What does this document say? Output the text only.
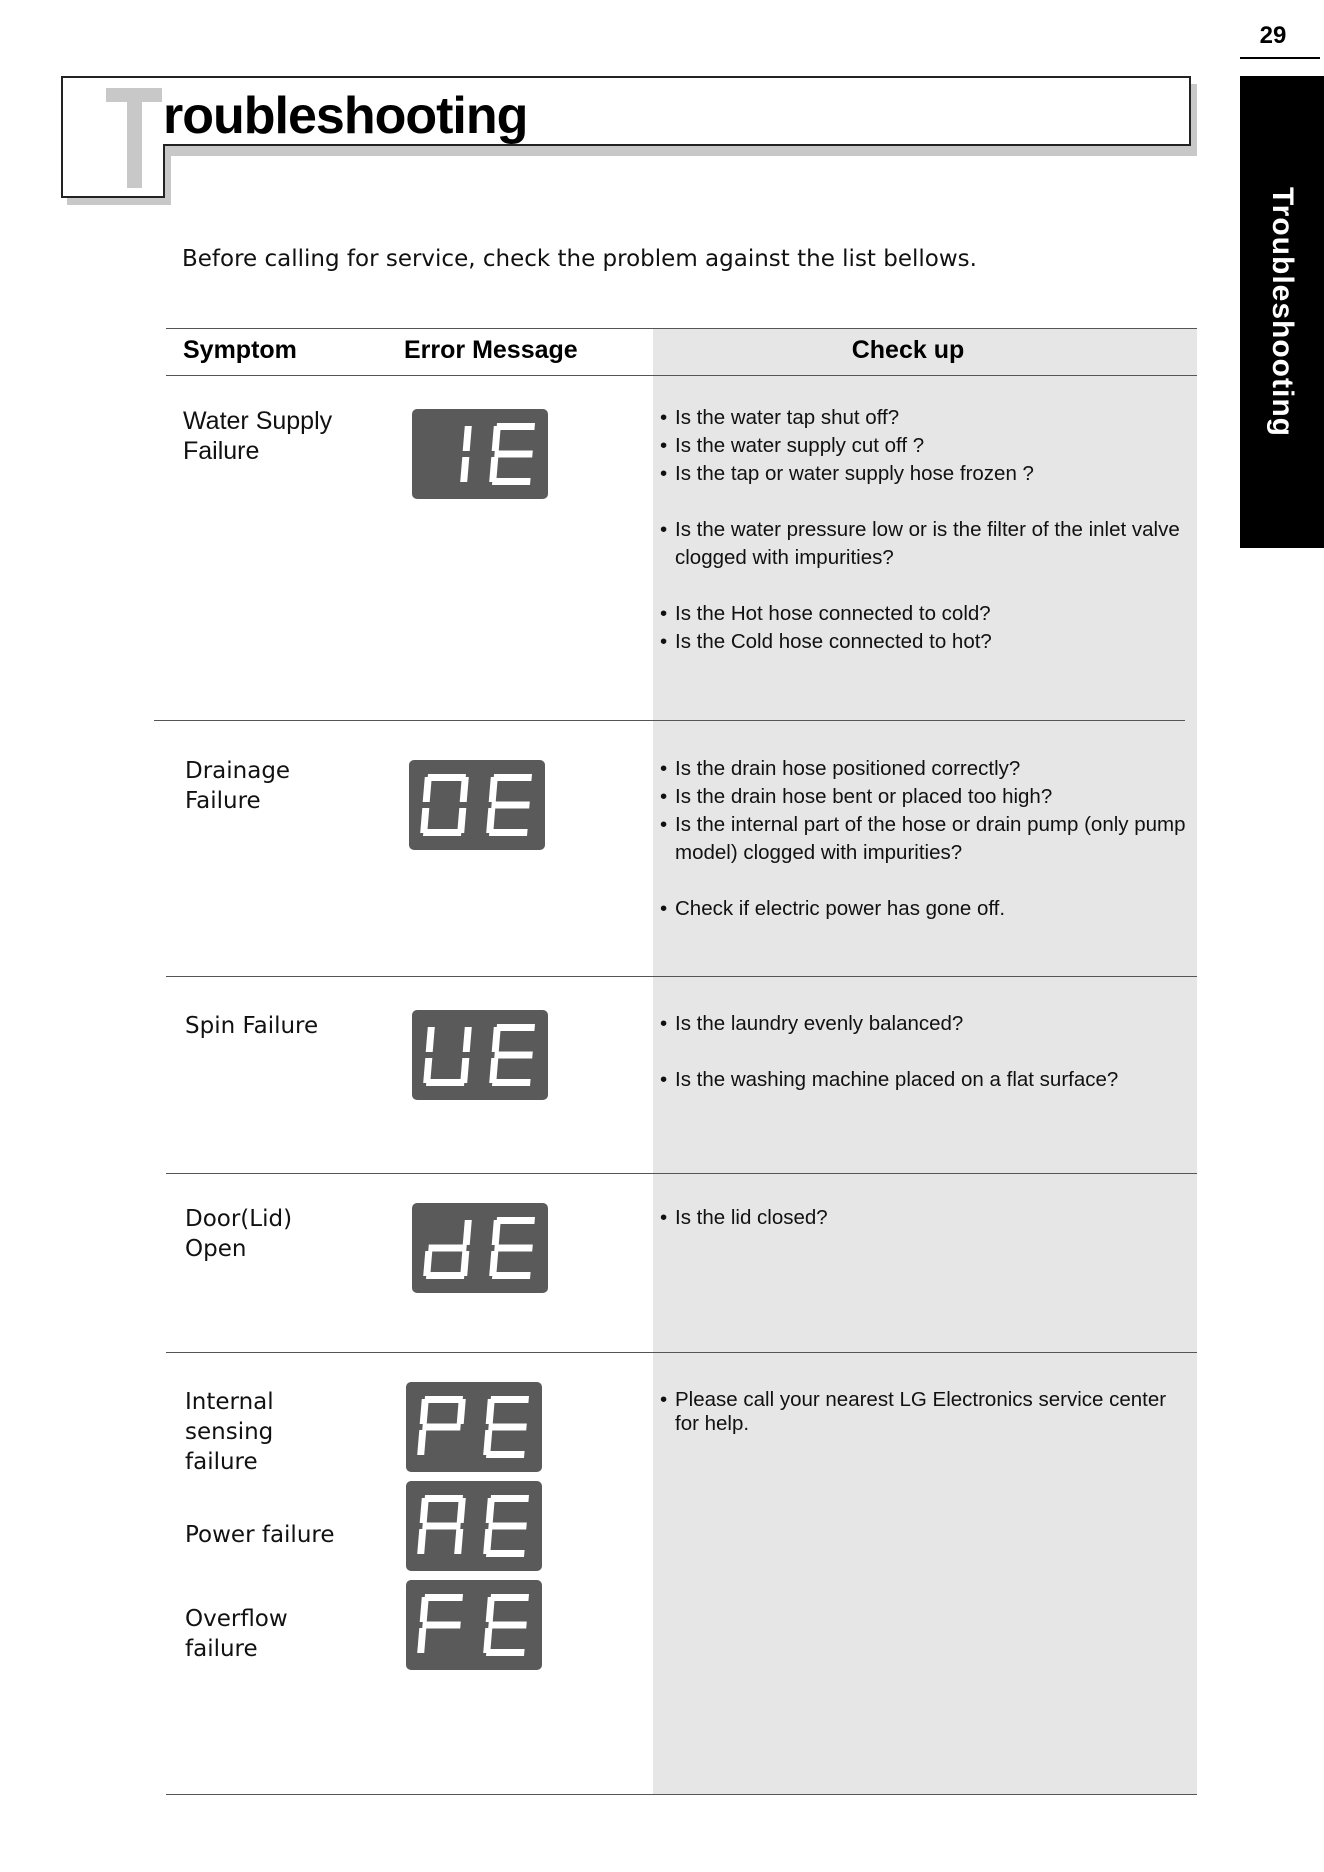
29
Troubleshooting
roubleshooting
Before calling for service, check the problem against the list bellows.
Symptom	Error Message	Check up
Water Supply
Failure
• Is the water tap shut off?
• Is the water supply cut off ?
• Is the tap or water supply hose frozen ?
• Is the water pressure low or is the filter of the inlet valve clogged with impurities?
• Is the Hot hose connected to cold?
• Is the Cold hose connected to hot?
Drainage
Failure
• Is the drain hose positioned correctly?
• Is the drain hose bent or placed too high?
• Is the internal part of the hose or drain pump (only pump model) clogged with impurities?
• Check if electric power has gone off.
Spin Failure
•	Is the laundry evenly balanced?
• Is the washing machine placed on a flat surface?
Door(Lid)
Open
• Is the lid closed?
Internal
sensing
failure
Power failure
Overflow
failure
• Please call your nearest LG Electronics service center for help.
